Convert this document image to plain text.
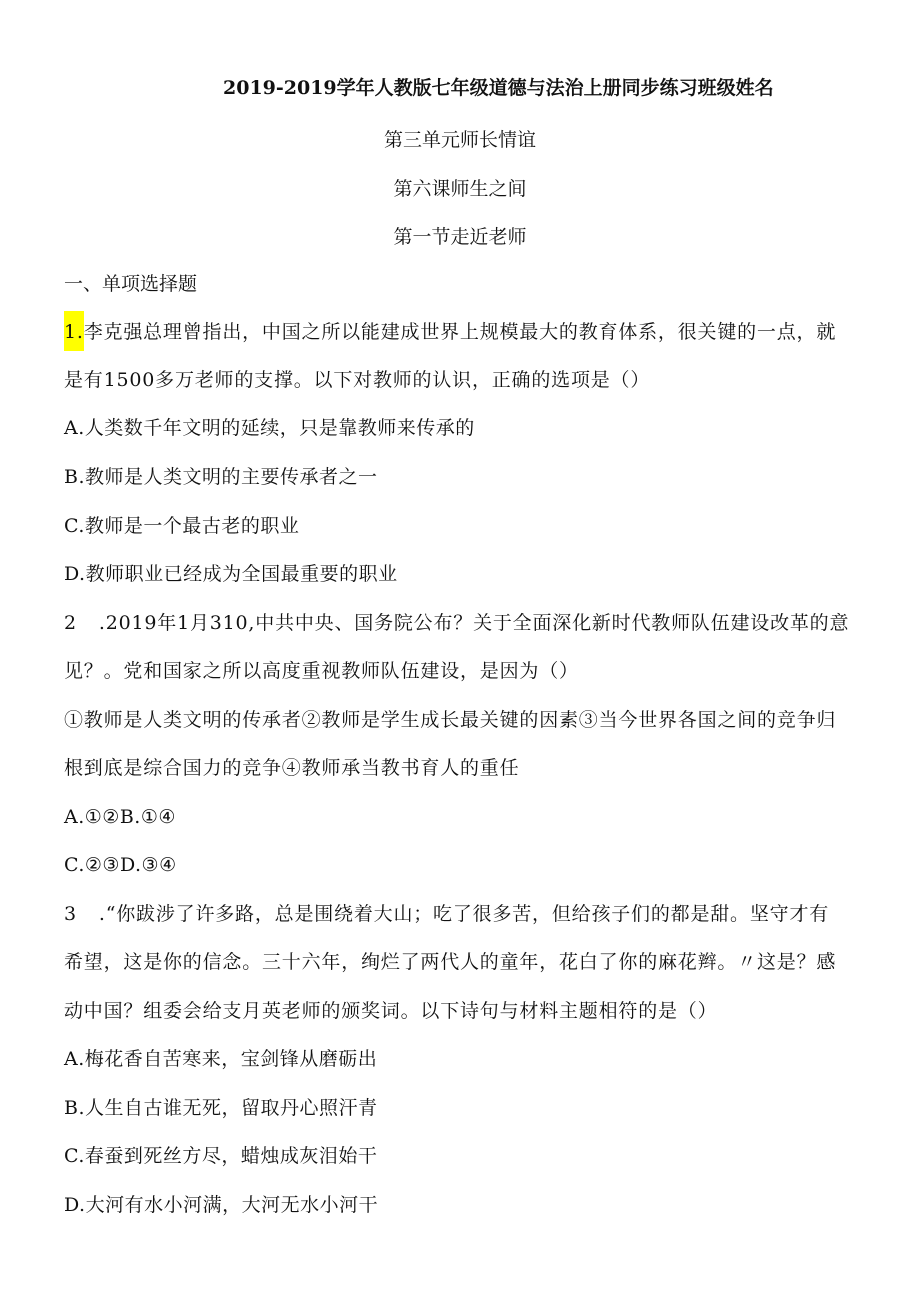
2019-2019学年人教版七年级道德与法治上册同步练习班级姓名
第三单元师长情谊
第六课师生之间
第一节走近老师
一、单项选择题
1.李克强总理曾指出，中国之所以能建成世界上规模最大的教育体系，很关键的一点，就
是有1500多万老师的支撑。以下对教师的认识，正确的选项是（）
A.人类数千年文明的延续，只是靠教师来传承的
B.教师是人类文明的主要传承者之一
C.教师是一个最古老的职业
D.教师职业已经成为全国最重要的职业
2 .2019年1月310,中共中央、国务院公布？关于全面深化新时代教师队伍建设改革的意
见？。党和国家之所以高度重视教师队伍建设，是因为（）
①教师是人类文明的传承者②教师是学生成长最关键的因素③当今世界各国之间的竞争归
根到底是综合国力的竞争④教师承当教书育人的重任
A.①②B.①④
C.②③D.③④
3 .“你跋涉了许多路，总是围绕着大山；吃了很多苦，但给孩子们的都是甜。坚守才有
希望，这是你的信念。三十六年，绚烂了两代人的童年，花白了你的麻花辫。〃这是？感
动中国？组委会给支月英老师的颁奖词。以下诗句与材料主题相符的是（）
A.梅花香自苦寒来，宝剑锋从磨砺出
B.人生自古谁无死，留取丹心照汗青
C.春蚕到死丝方尽，蜡烛成灰泪始干
D.大河有水小河满，大河无水小河干
